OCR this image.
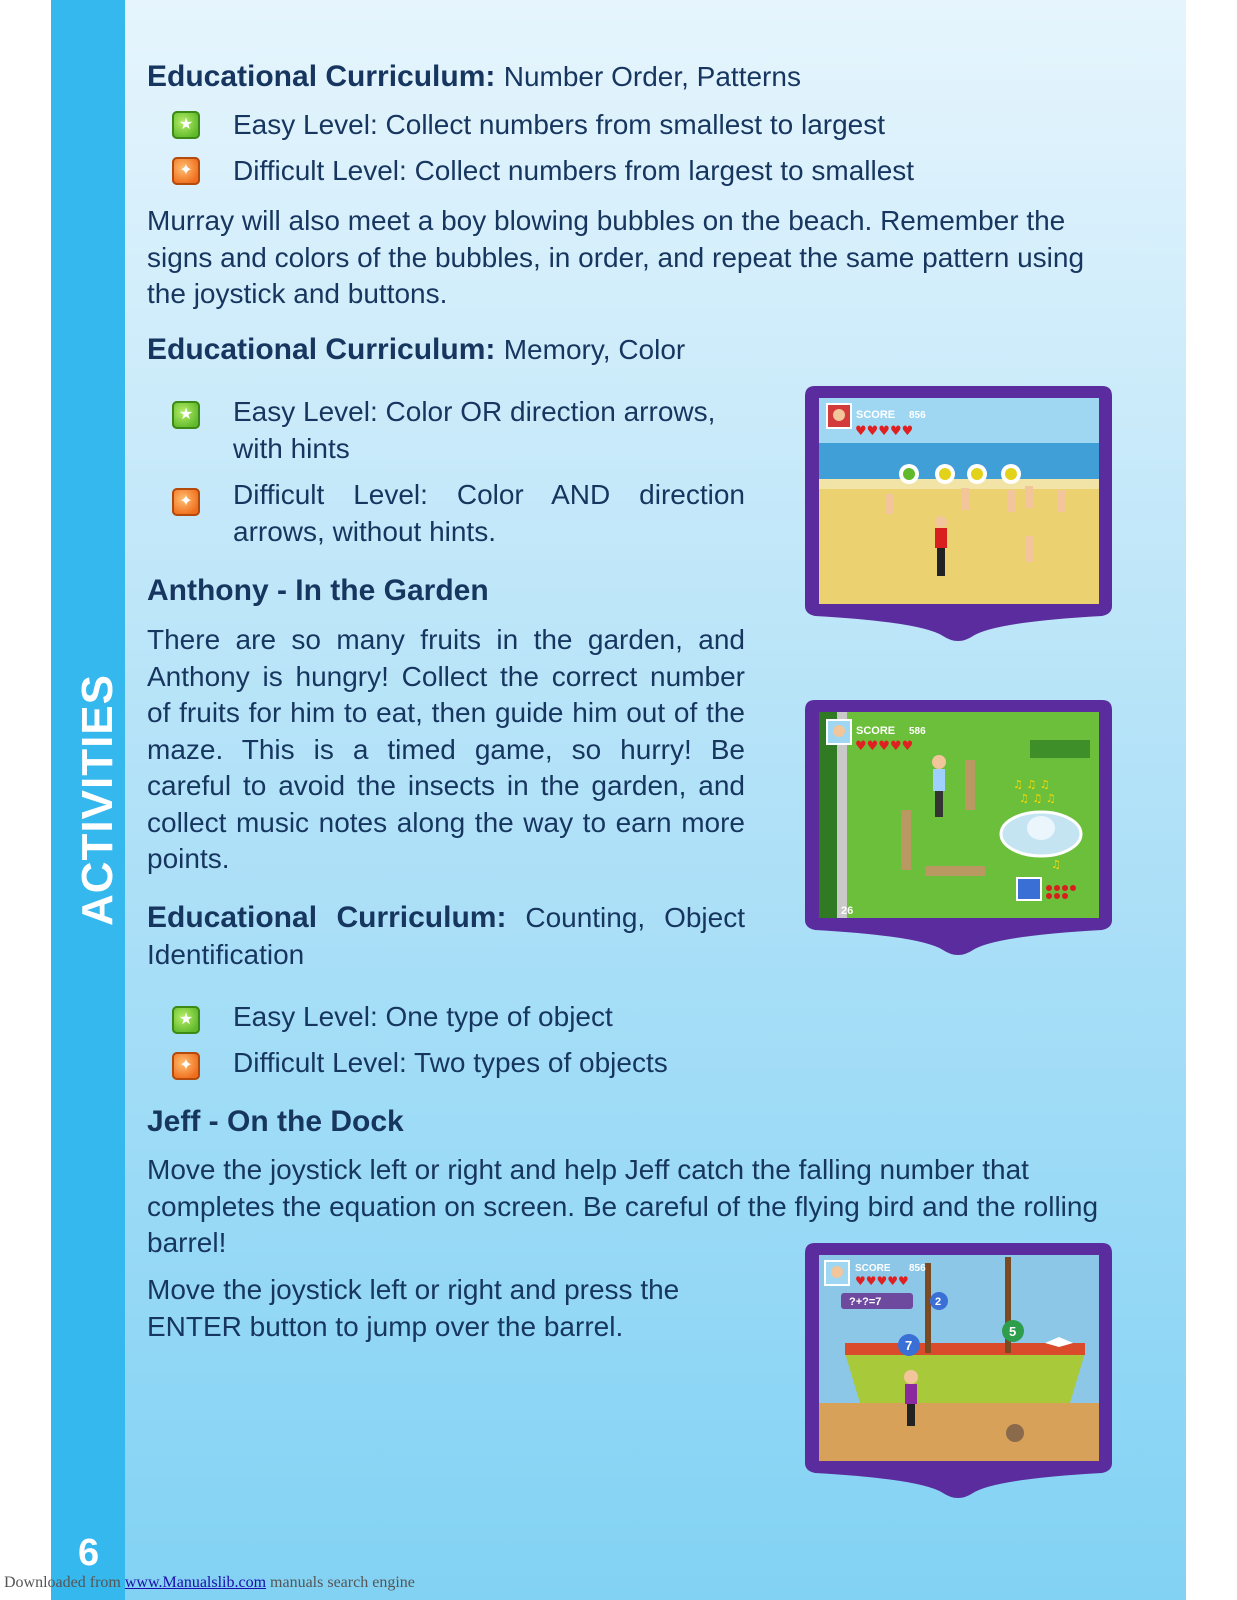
ACTIVITIES
6

Educational Curriculum: Number Order, Patterns

★ Easy Level: Collect numbers from smallest to largest

✦ Difficult Level: Collect numbers from largest to smallest

Murray will also meet a boy blowing bubbles on the beach. Remember the signs and colors of the bubbles, in order, and repeat the same pattern using the joystick and buttons.

Educational Curriculum: Memory, Color

★ Easy Level: Color OR direction arrows, with hints

✦ Difficult Level: Color AND direction arrows, without hints.

Anthony - In the Garden

There are so many fruits in the garden, and Anthony is hungry! Collect the correct number of fruits for him to eat, then guide him out of the maze. This is a timed game, so hurry! Be careful to avoid the insects in the garden, and collect music notes along the way to earn more points.

Educational Curriculum: Counting, Object Identification

★ Easy Level: One type of object

✦ Difficult Level: Two types of objects

Jeff - On the Dock

Move the joystick left or right and help Jeff catch the falling number that completes the equation on screen. Be careful of the flying bird and the rolling barrel!

Move the joystick left or right and press the ENTER button to jump over the barrel.

SCORE 856
♥♥♥♥♥
SCORE 586
♥♥♥♥♥
♫ ♫ ♫
♫ ♫ ♫
♫
26
SCORE 856
♥♥♥♥♥
?+?=7
7
5
2
Downloaded from www.Manualslib.com manuals search engine
